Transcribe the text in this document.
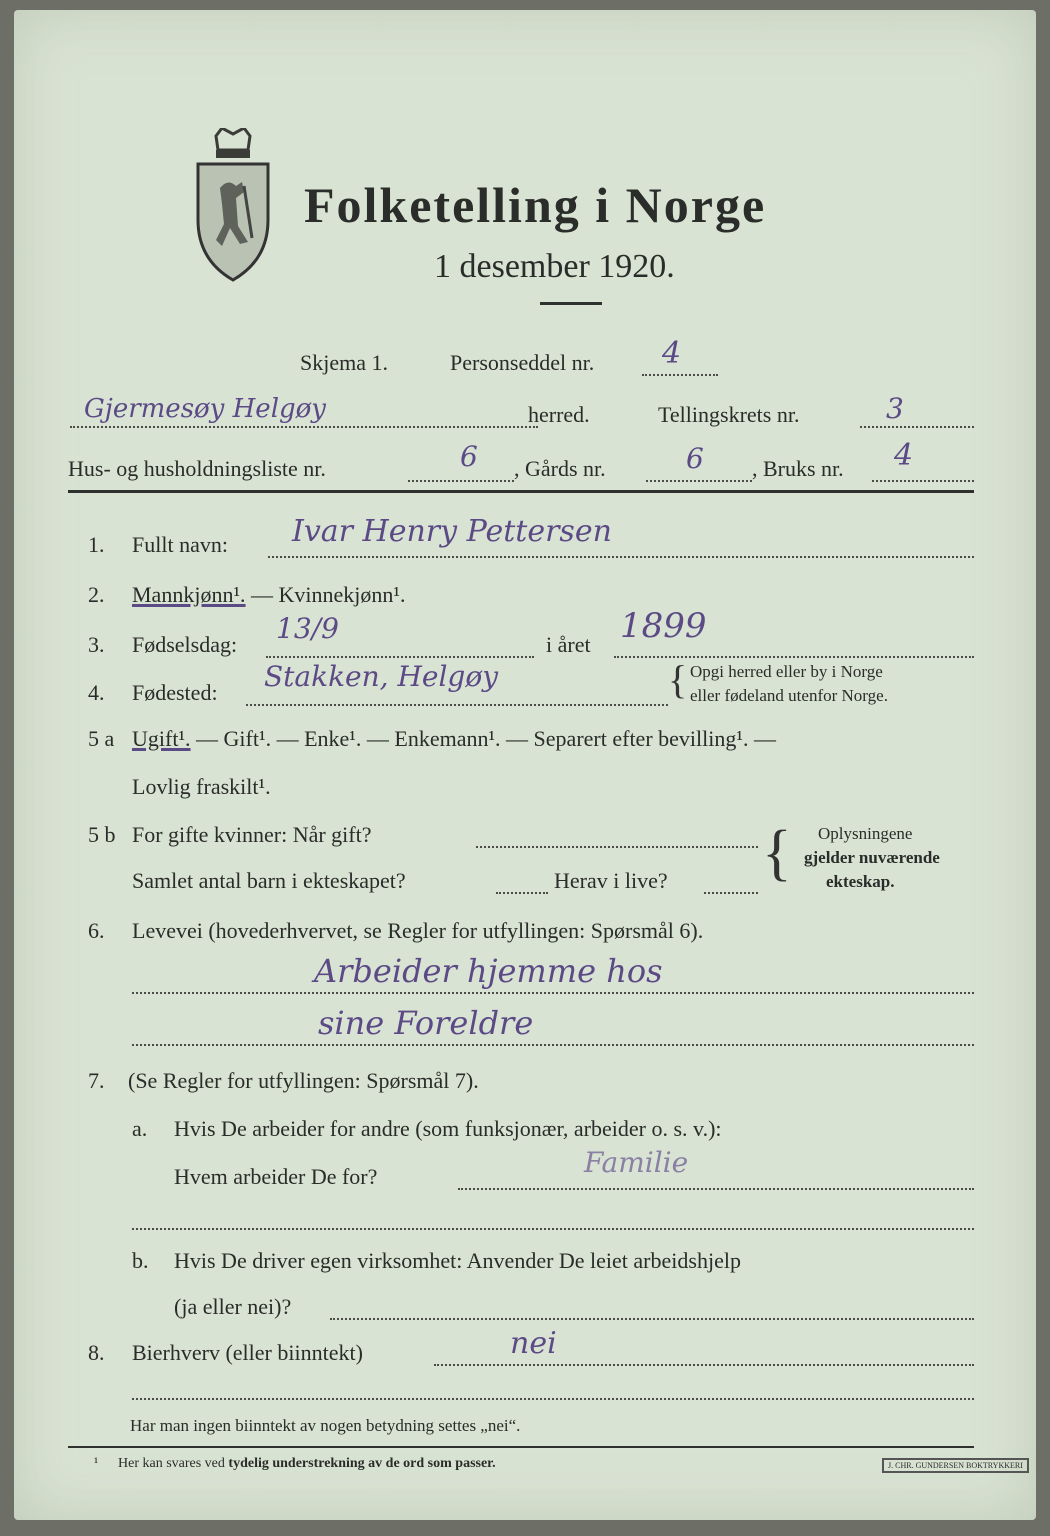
Folketelling i Norge
1 desember 1920.
Skjema 1.	Personseddel nr. 4
Gjermesøy Helgøy	herred.	Tellingskrets nr.	3
Hus- og husholdningsliste nr.	6 , Gårds nr.	6 , Bruks nr. 4
1. Fullt navn: Ivar Henry Pettersen
2. Mannkjønn¹. — Kvinnekjønn¹.
3. Fødselsdag: 13/9	i året 1899
4. Fødested: Stakken, Helgøy	{ Opgi herred eller by i Norge
eller fødeland utenfor Norge.
5 a Ugift¹. — Gift¹. — Enke¹. — Enkemann¹. — Separert efter bevilling¹. —
Lovlig fraskilt¹.
5 b For gifte kvinner: Når gift?
Samlet antal barn i ekteskapet?	Herav i live? { Oplysningene
gjelder nuværende
ekteskap.
6. Levevei (hovederhvervet, se Regler for utfyllingen: Spørsmål 6).
Arbeider hjemme hos
sine Foreldre
7. (Se Regler for utfyllingen: Spørsmål 7).
a. Hvis De arbeider for andre (som funksjonær, arbeider o. s. v.):
Hvem arbeider De for?	Familie
b. Hvis De driver egen virksomhet: Anvender De leiet arbeidshjelp
(ja eller nei)?
8. Bierhverv (eller biinntekt)	nei
Har man ingen biinntekt av nogen betydning settes „nei“.
¹ Her kan svares ved tydelig understrekning av de ord som passer.	J. CHR. GUNDERSEN BOKTRYKKERI
